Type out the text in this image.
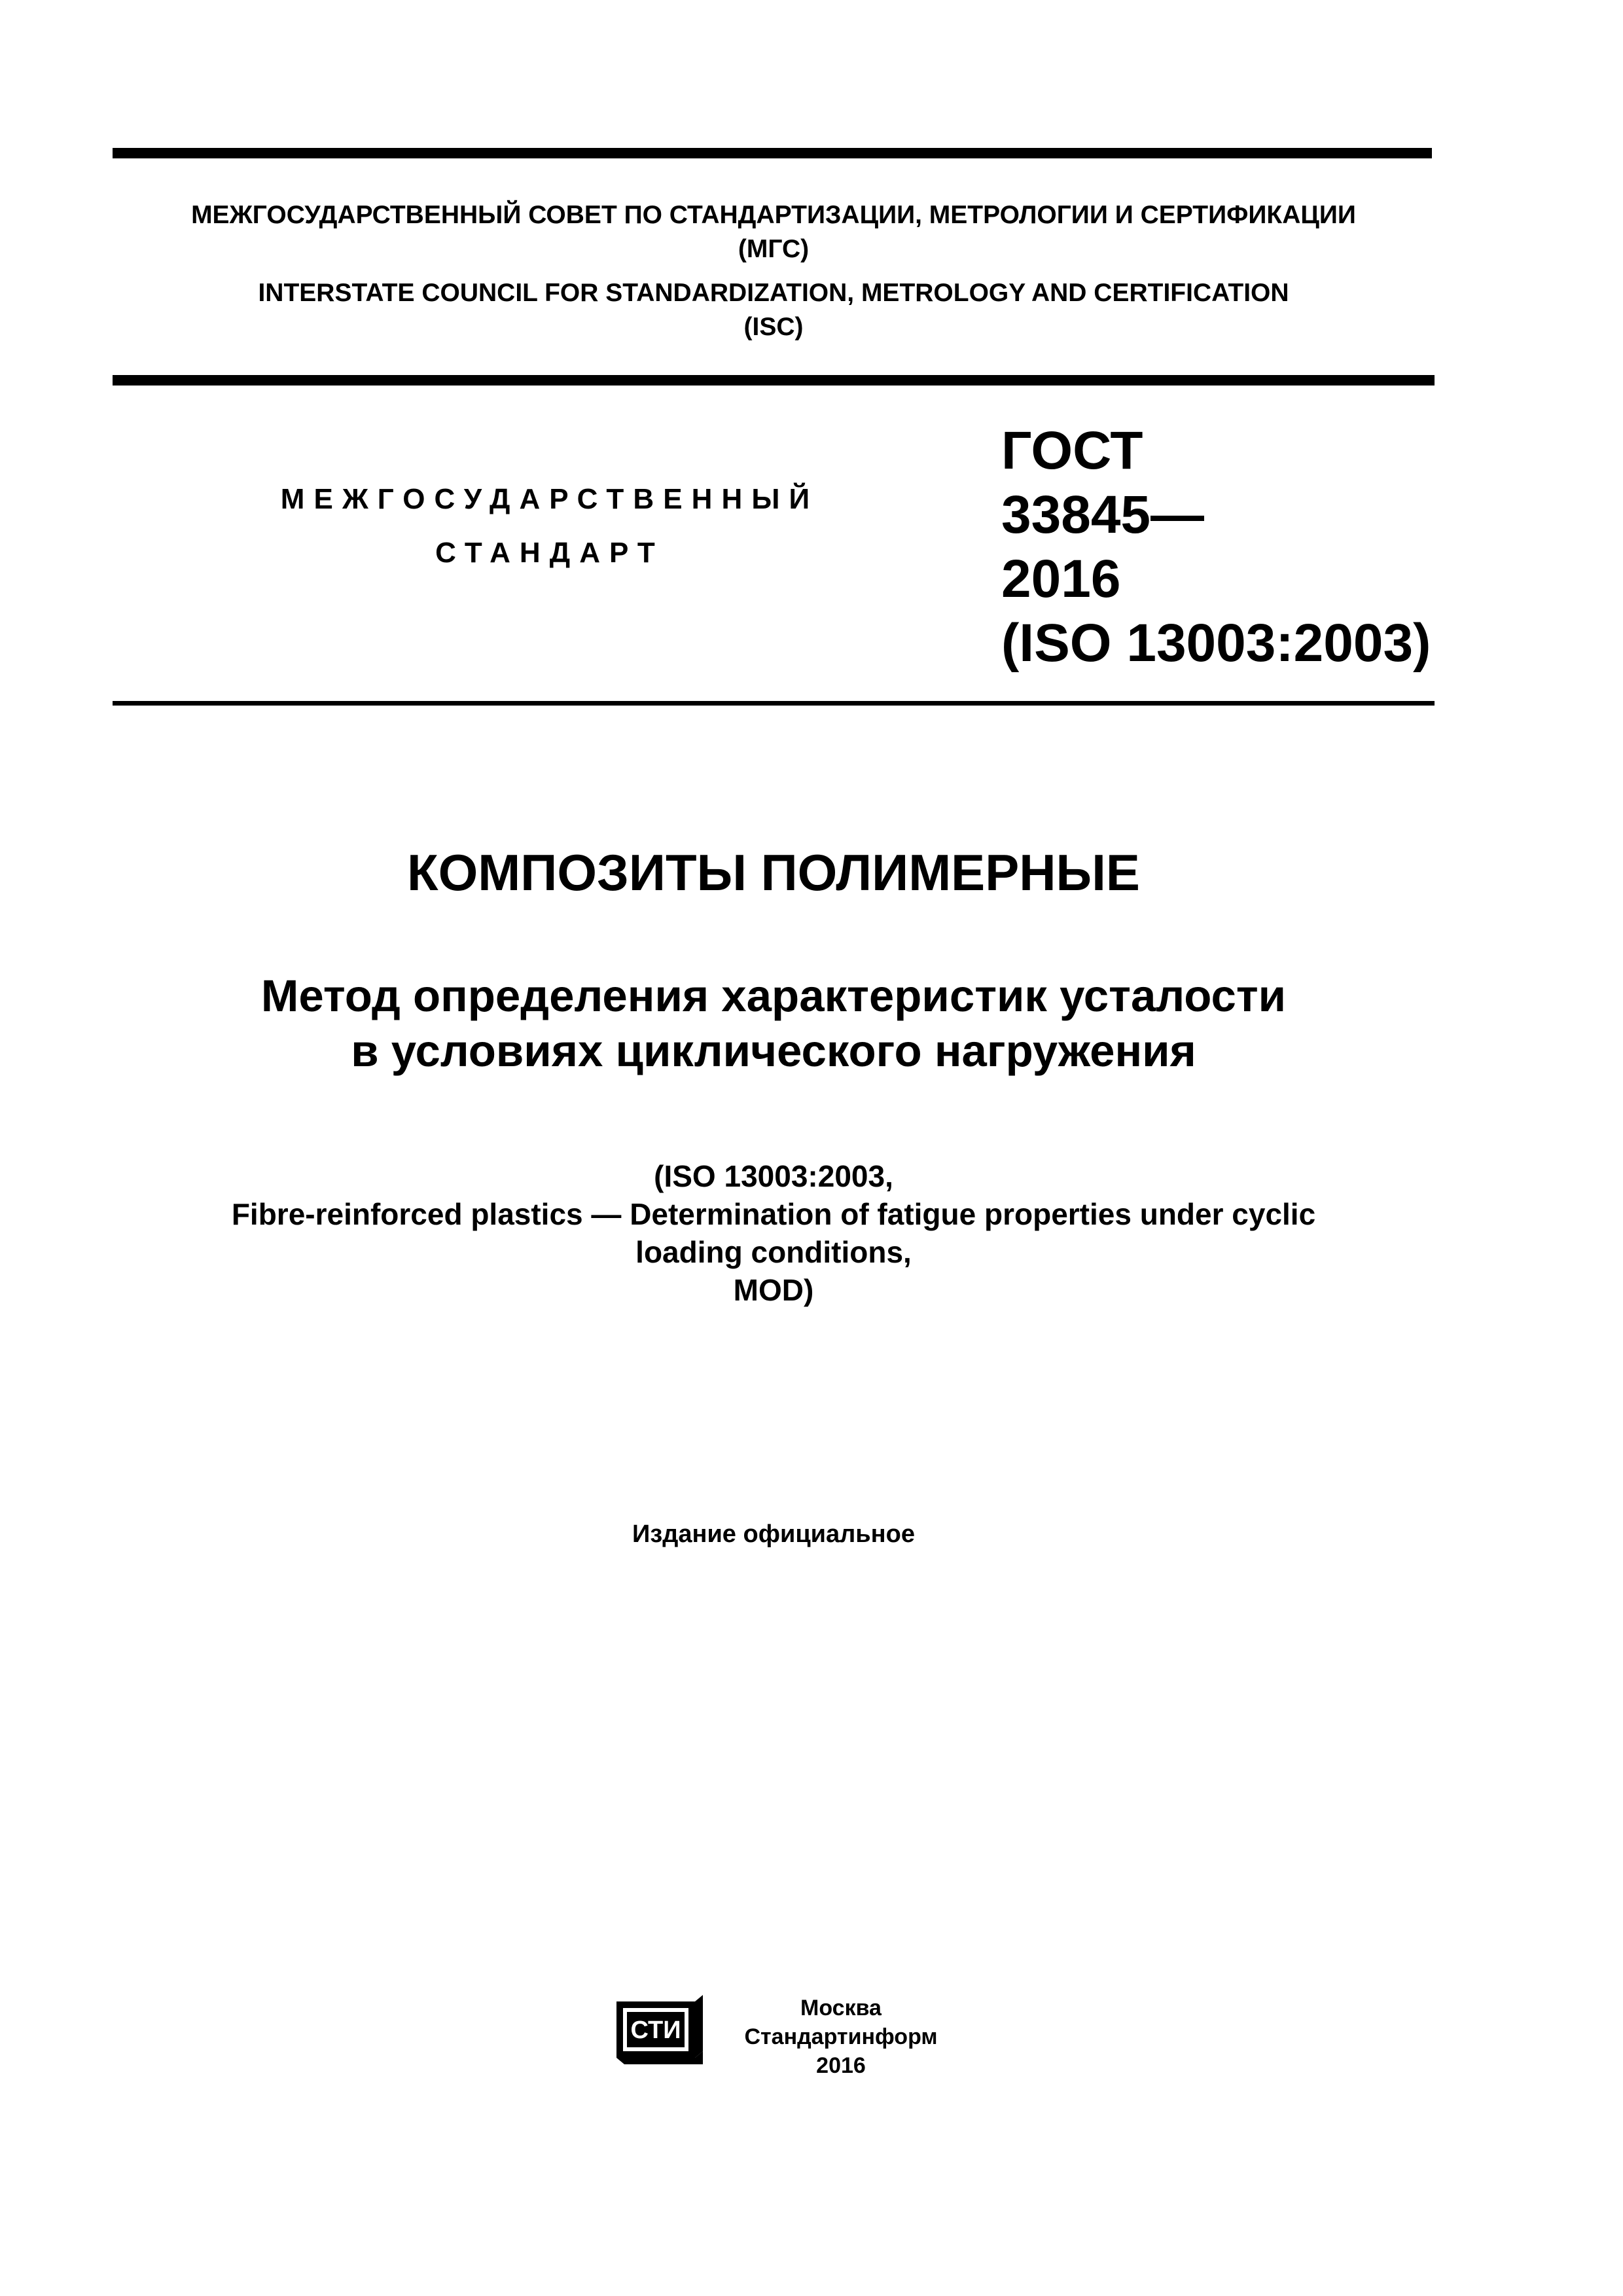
МЕЖГОСУДАРСТВЕННЫЙ СОВЕТ ПО СТАНДАРТИЗАЦИИ, МЕТРОЛОГИИ И СЕРТИФИКАЦИИ
(МГС)
INTERSTATE COUNCIL FOR STANDARDIZATION, METROLOGY AND CERTIFICATION
(ISC)
МЕЖГОСУДАРСТВЕННЫЙ
СТАНДАРТ
ГОСТ
33845—
2016
(ISO 13003:2003)
КОМПОЗИТЫ ПОЛИМЕРНЫЕ
Метод определения характеристик усталости
в условиях циклического нагружения
(ISO 13003:2003,
Fibre-reinforced plastics — Determination of fatigue properties under cyclic
loading conditions,
MOD)
Издание официальное
СТИ
Москва
Стандартинформ
2016
